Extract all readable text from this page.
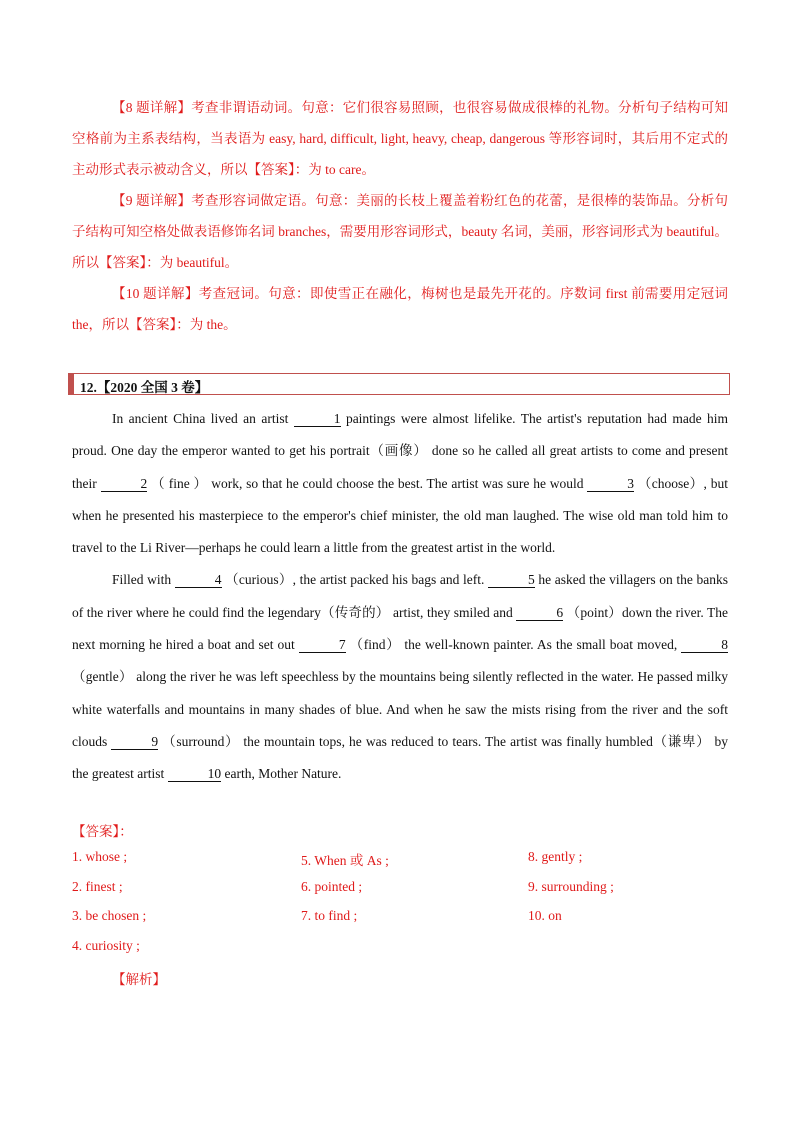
【8 题详解】考查非谓语动词。句意：它们很容易照顾，也很容易做成很棒的礼物。分析句子结构可知空格前为主系表结构，当表语为 easy, hard, difficult, light, heavy, cheap, dangerous 等形容词时，其后用不定式的主动形式表示被动含义，所以【答案】：为 to care。

【9 题详解】考查形容词做定语。句意：美丽的长枝上覆盖着粉红色的花蕾，是很棒的装饰品。分析句子结构可知空格处做表语修饰名词 branches，需要用形容词形式，beauty 名词，美丽，形容词形式为 beautiful。所以【答案】：为 beautiful。

【10 题详解】考查冠词。句意：即使雪正在融化，梅树也是最先开花的。序数词 first 前需要用定冠词 the，所以【答案】：为 the。

12.【2020 全国 3 卷】

In ancient China lived an artist	1 paintings were almost lifelike. The artist's reputation had made him proud. One day the emperor wanted to get his portrait（画像） done so he called all great artists to come and present their	2 （ fine ） work, so that he could choose the best. The artist was sure he would	3 （choose）, but when he presented his masterpiece to the emperor's chief minister, the old man laughed. The wise old man told him to travel to the Li River—perhaps he could learn a little from the greatest artist in the world.

Filled with	4 （curious）, the artist packed his bags and left.	5 he asked the villagers on the banks of the river where he could find the legendary（传奇的） artist, they smiled and	6 （point）down the river. The next morning he hired a boat and set out	7 （find） the well-known painter. As the small boat moved,	8 （gentle） along the river he was left speechless by the mountains being silently reflected in the water. He passed milky white waterfalls and mountains in many shades of blue. And when he saw the mists rising from the river and the soft clouds	9 （surround） the mountain tops, he was reduced to tears. The artist was finally humbled（谦卑） by the greatest artist	10 earth, Mother Nature.

【答案】：
1. whose ;	5. When 或 As ;	8. gently ;
2. finest ;	6. pointed ;	9. surrounding ;
3. be chosen ;	7. to find ;	10. on
4. curiosity ;
【解析】
